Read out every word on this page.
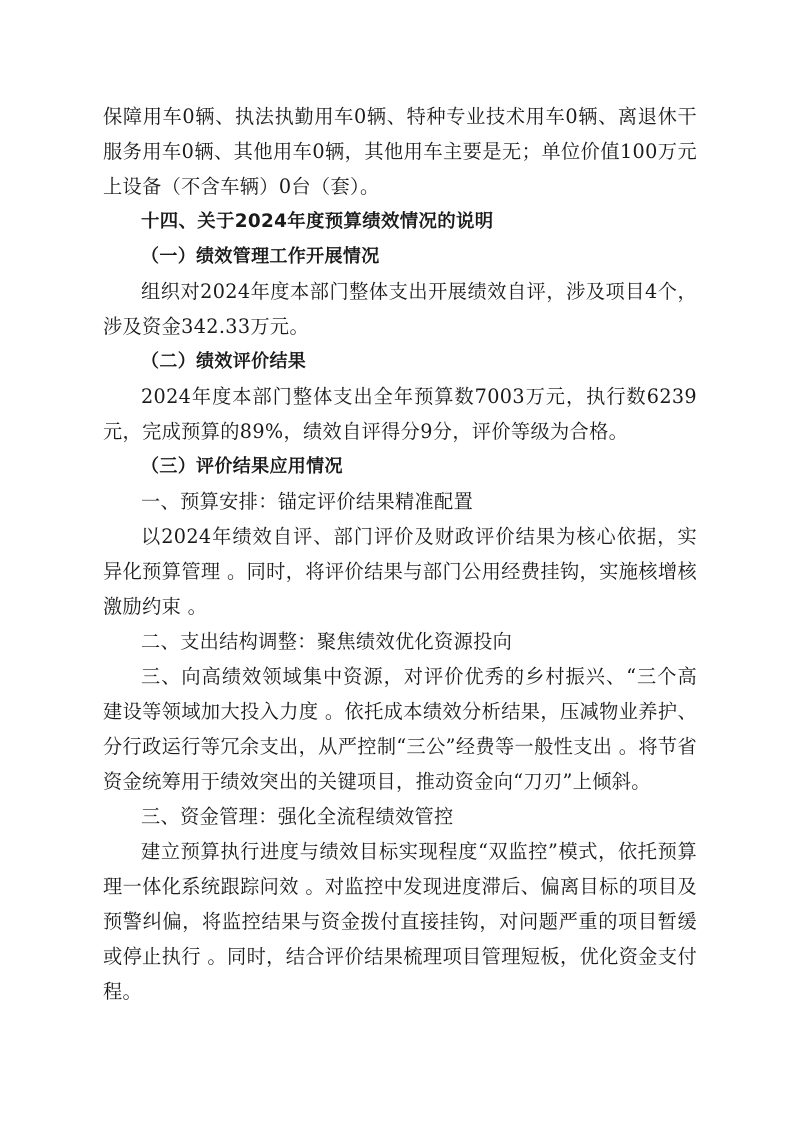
保障用车0辆、执法执勤用车0辆、特种专业技术用车0辆、离退休干
服务用车0辆、其他用车0辆，其他用车主要是无；单位价值100万元
上设备（不含车辆）0台（套）。
十四、关于2024年度预算绩效情况的说明
（一）绩效管理工作开展情况
组织对2024年度本部门整体支出开展绩效自评，涉及项目4个，
涉及资金342.33万元。
（二）绩效评价结果
2024年度本部门整体支出全年预算数7003万元，执行数6239
元，完成预算的89%，绩效自评得分9分，评价等级为合格。
（三）评价结果应用情况
一、预算安排：锚定评价结果精准配置
以2024年绩效自评、部门评价及财政评价结果为核心依据，实
异化预算管理 。同时，将评价结果与部门公用经费挂钩，实施核增核
激励约束 。
二、支出结构调整：聚焦绩效优化资源投向
三、向高绩效领域集中资源，对评价优秀的乡村振兴、“三个高
建设等领域加大投入力度 。依托成本绩效分析结果，压减物业养护、
分行政运行等冗余支出，从严控制“三公”经费等一般性支出 。将节省
资金统筹用于绩效突出的关键项目，推动资金向“刀刃”上倾斜。
三、资金管理：强化全流程绩效管控
建立预算执行进度与绩效目标实现程度“双监控”模式，依托预算
理一体化系统跟踪问效 。对监控中发现进度滞后、偏离目标的项目及
预警纠偏，将监控结果与资金拨付直接挂钩，对问题严重的项目暂缓
或停止执行 。同时，结合评价结果梳理项目管理短板，优化资金支付
程。
